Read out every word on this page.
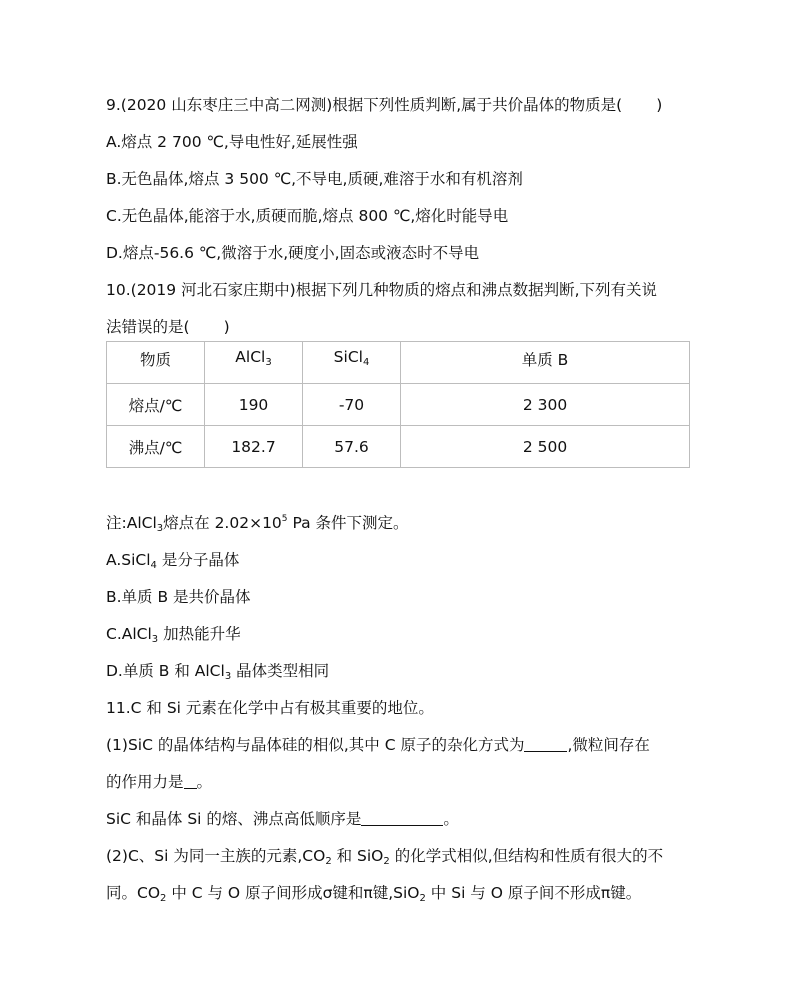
9.(2020 山东枣庄三中高二网测)根据下列性质判断,属于共价晶体的物质是( )
A.熔点 2 700 ℃,导电性好,延展性强
B.无色晶体,熔点 3 500 ℃,不导电,质硬,难溶于水和有机溶剂
C.无色晶体,能溶于水,质硬而脆,熔点 800 ℃,熔化时能导电
D.熔点-56.6 ℃,微溶于水,硬度小,固态或液态时不导电
10.(2019 河北石家庄期中)根据下列几种物质的熔点和沸点数据判断,下列有关说
法错误的是( )
物质	AlCl$_3$	SiCl$_4$	单质 B
熔点/℃	190	-70	2 300
沸点/℃	182.7	57.6	2 500
注:AlCl$_3$熔点在 $2.02\times 10^5$ Pa 条件下测定。
A.SiCl$_4$ 是分子晶体
B.单质 B 是共价晶体
C.AlCl$_3$ 加热能升华
D.单质 B 和 AlCl$_3$ 晶体类型相同
11.C 和 Si 元素在化学中占有极其重要的地位。
(1)SiC 的晶体结构与晶体硅的相似,其中 C 原子的杂化方式为	,微粒间存在
的作用力是 。
SiC 和晶体 Si 的熔、沸点高低顺序是	。
(2)C、Si 为同一主族的元素$,CO_2$ 和 SiO$_2$ 的化学式相似,但结构和性质有很大的不
同。$CO_2$ 中 C 与 O 原子间形成σ键和π键,SiO$_2$ 中 Si 与 O 原子间不形成π键。
